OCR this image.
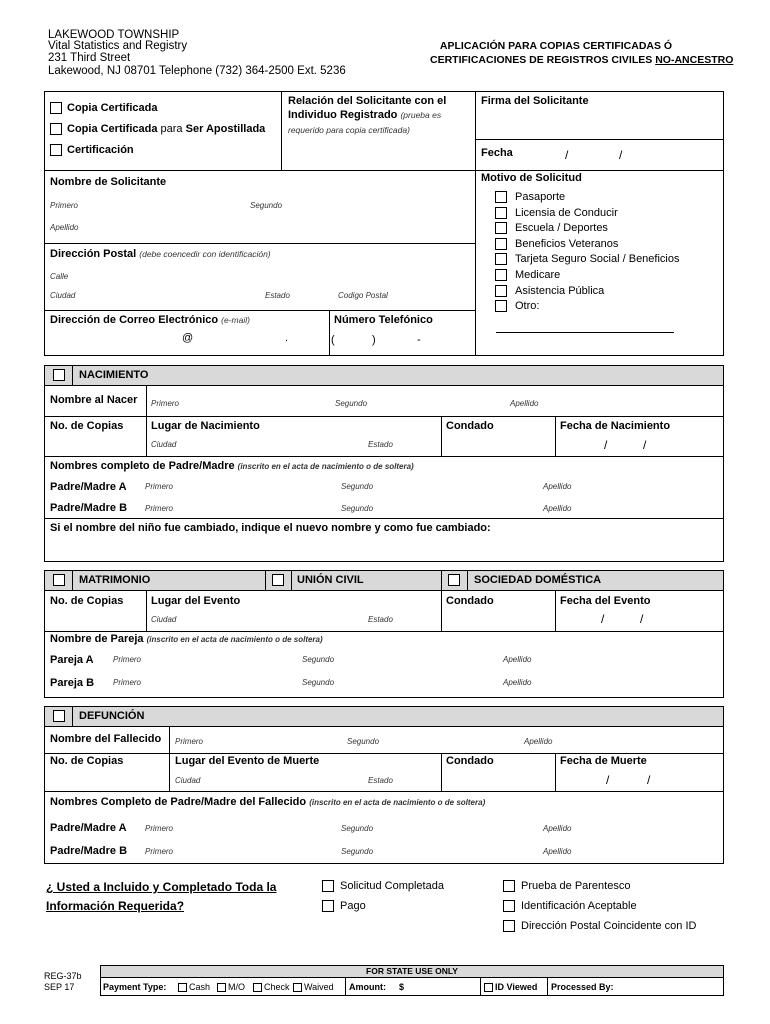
LAKEWOOD TOWNSHIP
Vital Statistics and Registry
231 Third Street
Lakewood, NJ 08701 Telephone (732) 364-2500 Ext. 5236
APLICACIÓN PARA COPIAS CERTIFICADAS Ó
CERTIFICACIONES DE REGISTROS CIVILES NO-ANCESTRO
Copia Certificada
Copia Certificada para Ser Apostillada
Certificación
Relación del Solicitante con el
Individuo Registrado (prueba es
requerido para copia certificada)
Firma del Solicitante
Fecha	/	/
Nombre de Solicitante
Primero	Segundo
Apellido
Dirección Postal (debe coencedir con identificación)
Calle
Ciudad	Estado	Codigo Postal
Dirección de Correo Electrónico (e-mail)
@	.
Número Telefónico
(	)	-
Motivo de Solicitud
Pasaporte
Licensia de Conducir
Escuela / Deportes
Beneficios Veteranos
Tarjeta Seguro Social / Beneficios
Medicare
Asistencia Pública
Otro:
NACIMIENTO
Nombre al Nacer Primero	Segundo	Apellido
No. de Copias	Lugar de Nacimiento
Ciudad	Estado
Condado	Fecha de Nacimiento
/	/
Nombres completo de Padre/Madre (inscrito en el acta de nacimiento o de soltera)
Padre/Madre A Primero	Segundo	Apellido
Padre/Madre B Primero	Segundo	Apellido
Si el nombre del niño fue cambiado, indique el nuevo nombre y como fue cambiado:
MATRIMONIO	UNIÓN CIVIL	SOCIEDAD DOMÉSTICA
No. de Copias	Lugar del Evento
Ciudad	Estado
Condado	Fecha del Evento
/	/
Nombre de Pareja (inscrito en el acta de nacimiento o de soltera)
Pareja A Primero	Segundo	Apellido
Pareja B Primero	Segundo	Apellido
DEFUNCIÓN
Nombre del Fallecido Primero	Segundo	Apellido
No. de Copias	Lugar del Evento de Muerte
Ciudad	Estado
Condado	Fecha de Muerte
/	/
Nombres Completo de Padre/Madre del Fallecido (inscrito en el acta de nacimiento o de soltera)
Padre/Madre A Primero	Segundo	Apellido
Padre/Madre B Primero	Segundo	Apellido
¿ Usted a Incluido y Completado Toda la
Información Requerida?
Solicitud Completada
Pago
Prueba de Parentesco
Identificación Aceptable
Dirección Postal Coincidente con ID
REG-37b
SEP 17
FOR STATE USE ONLY
Payment Type:	Cash M/O Check Waived Amount: $	ID Viewed Processed By:
